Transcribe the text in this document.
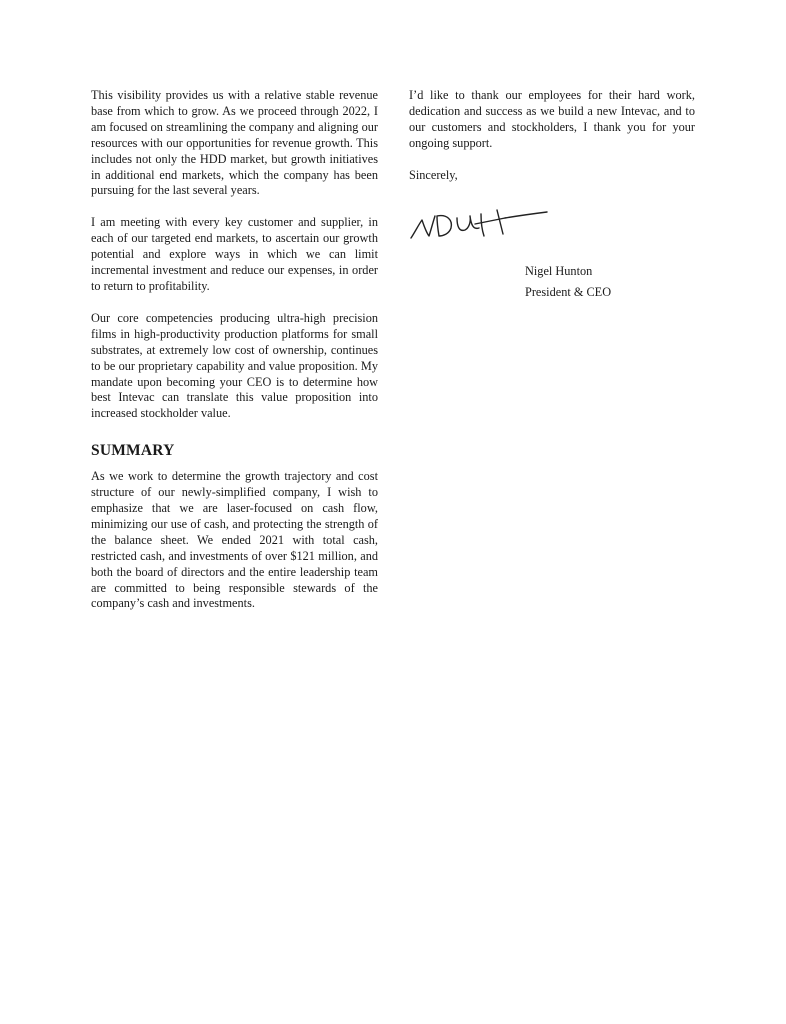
This visibility provides us with a relative stable revenue base from which to grow. As we proceed through 2022, I am focused on streamlining the company and aligning our resources with our opportunities for revenue growth. This includes not only the HDD market, but growth initiatives in additional end markets, which the company has been pursuing for the last several years.

I am meeting with every key customer and supplier, in each of our targeted end markets, to ascertain our growth potential and explore ways in which we can limit incremental investment and reduce our expenses, in order to return to profitability.

Our core competencies producing ultra-high precision films in high-productivity production platforms for small substrates, at extremely low cost of ownership, continues to be our proprietary capability and value proposition. My mandate upon becoming your CEO is to determine how best Intevac can translate this value proposition into increased stockholder value.

SUMMARY

As we work to determine the growth trajectory and cost structure of our newly-simplified company, I wish to emphasize that we are laser-focused on cash flow, minimizing our use of cash, and protecting the strength of the balance sheet. We ended 2021 with total cash, restricted cash, and investments of over $121 million, and both the board of directors and the entire leadership team are committed to being responsible stewards of the company’s cash and investments.

I’d like to thank our employees for their hard work, dedication and success as we build a new Intevac, and to our customers and stockholders, I thank you for your ongoing support.

Sincerely,

Nigel Hunton
President & CEO
